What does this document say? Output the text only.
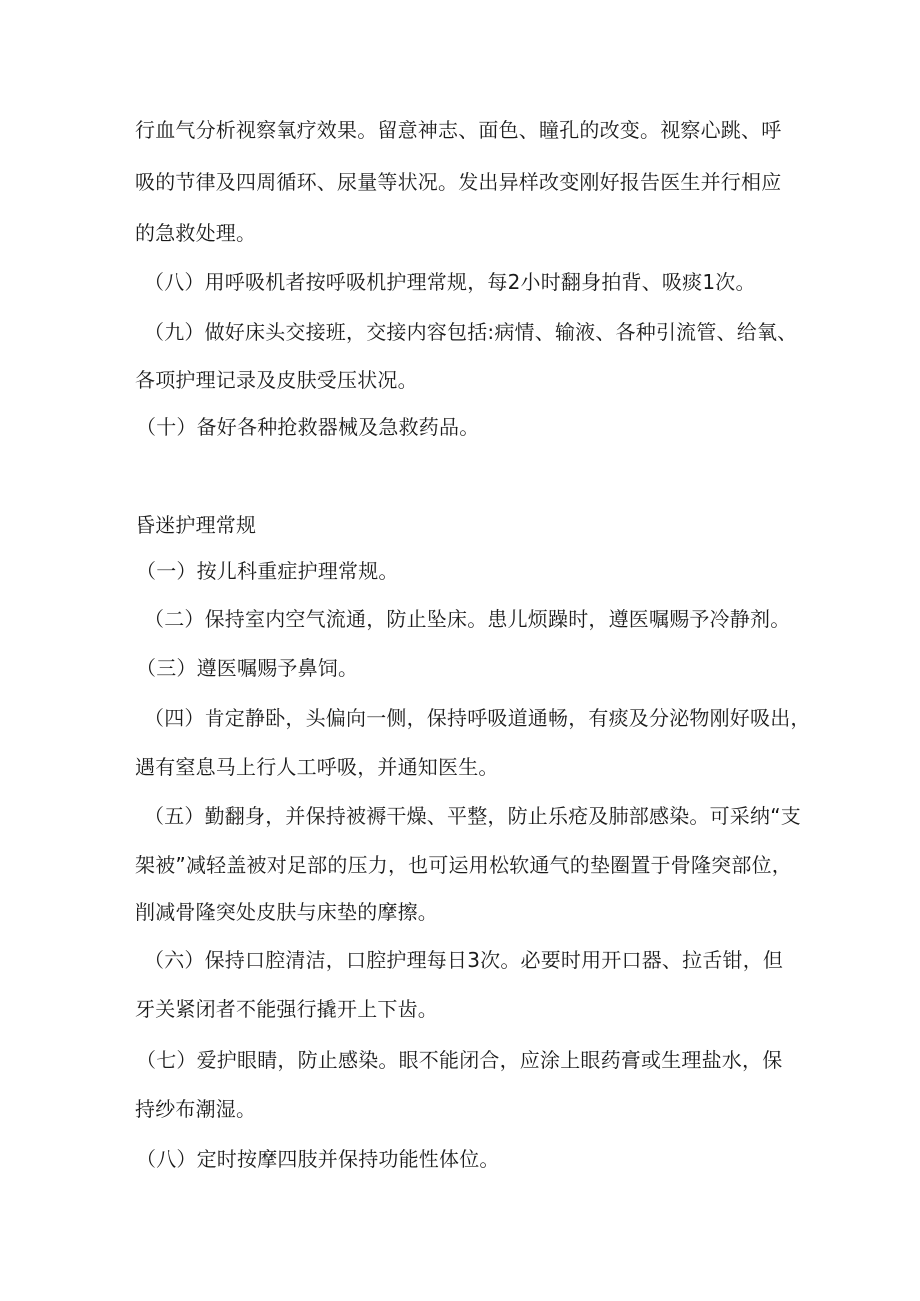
行血气分析视察氧疗效果。留意神志、面色、瞳孔的改变。视察心跳、呼
吸的节律及四周循环、尿量等状况。发出异样改变刚好报告医生并行相应
的急救处理。
（八）用呼吸机者按呼吸机护理常规，每2小时翻身拍背、吸痰1次。
（九）做好床头交接班，交接内容包括:病情、输液、各种引流管、给氧、
各项护理记录及皮肤受压状况。
（十）备好各种抢救器械及急救药品。
昏迷护理常规
（一）按儿科重症护理常规。
（二）保持室内空气流通，防止坠床。患儿烦躁时，遵医嘱赐予冷静剂。
（三）遵医嘱赐予鼻饲。
（四）肯定静卧，头偏向一侧，保持呼吸道通畅，有痰及分泌物刚好吸出，
遇有窒息马上行人工呼吸，并通知医生。
（五）勤翻身，并保持被褥干燥、平整，防止乐疮及肺部感染。可采纳“支
架被”减轻盖被对足部的压力，也可运用松软通气的垫圈置于骨隆突部位，
削减骨隆突处皮肤与床垫的摩擦。
（六）保持口腔清洁，口腔护理每日3次。必要时用开口器、拉舌钳，但
牙关紧闭者不能强行撬开上下齿。
（七）爱护眼睛，防止感染。眼不能闭合，应涂上眼药膏或生理盐水，保
持纱布潮湿。
（八）定时按摩四肢并保持功能性体位。
